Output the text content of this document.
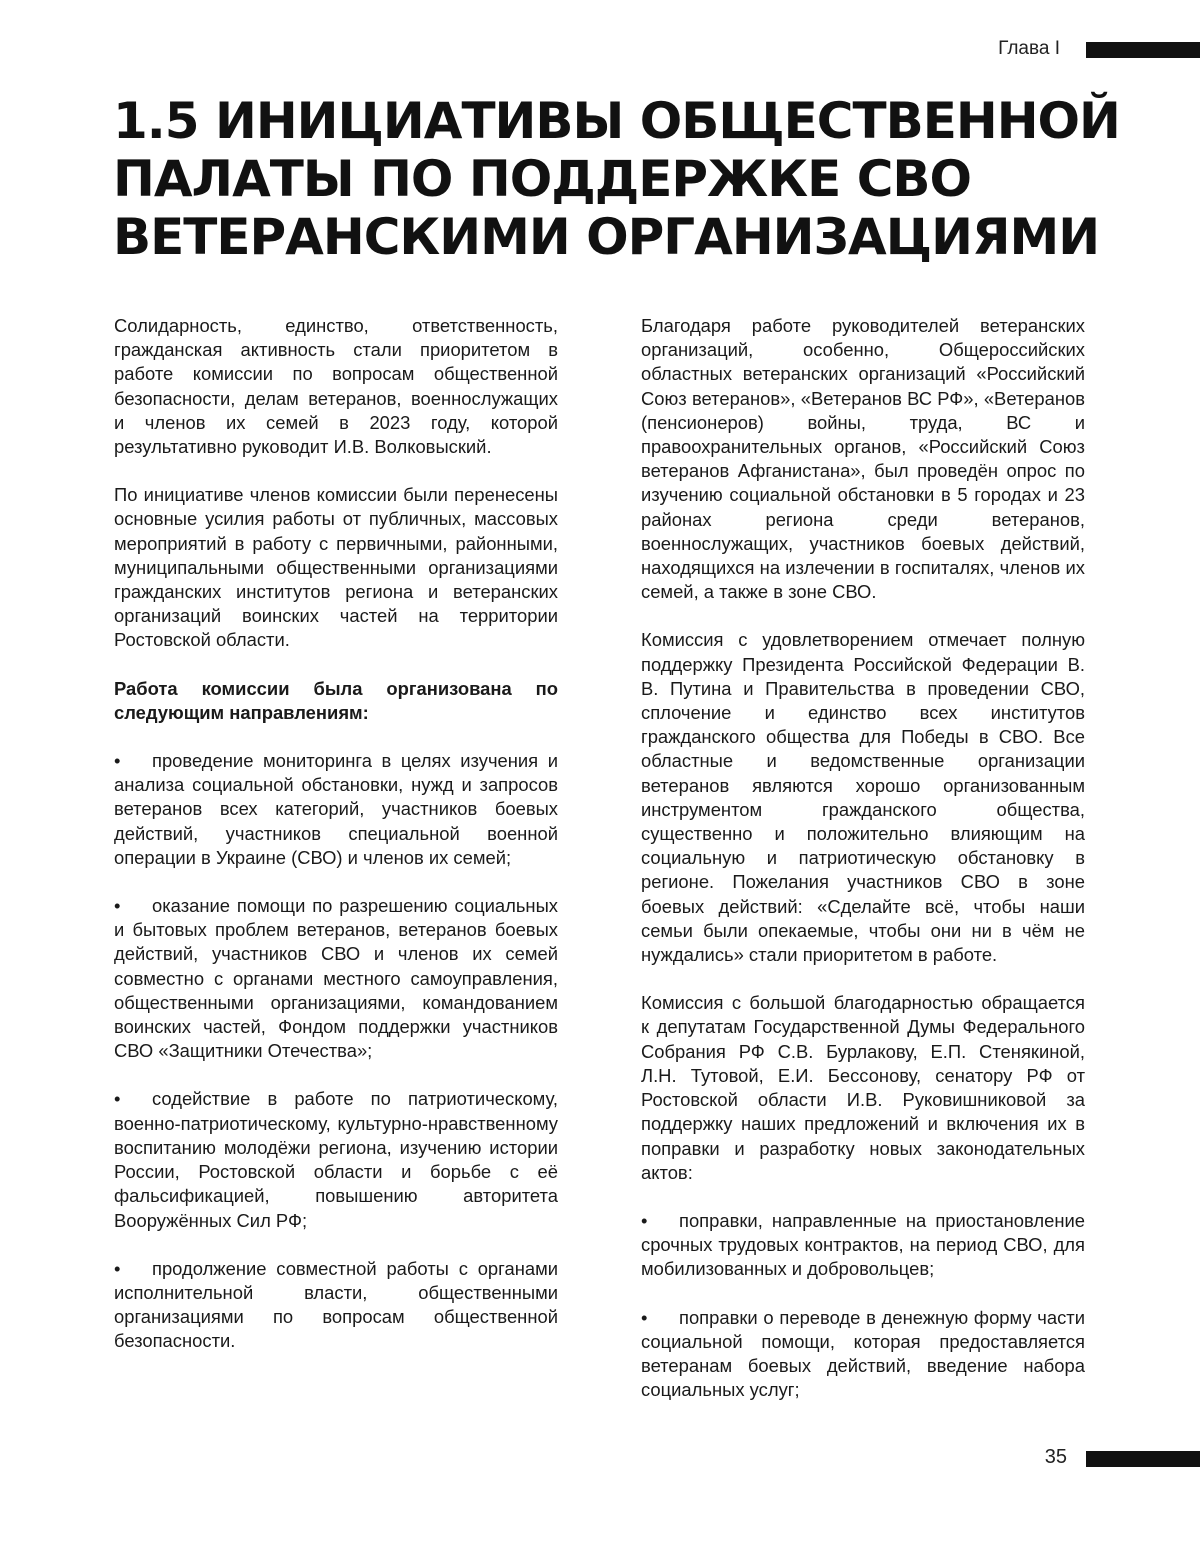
Глава I
1.5 ИНИЦИАТИВЫ ОБЩЕСТВЕННОЙ
ПАЛАТЫ ПО ПОДДЕРЖКЕ СВО
ВЕТЕРАНСКИМИ ОРГАНИЗАЦИЯМИ

Солидарность, единство, ответственность, гражданская активность стали приоритетом в работе комиссии по вопросам общественной безопасности, делам ветеранов, военнослужащих и членов их семей в 2023 году, которой результативно руководит И.В. Волковыский.

По инициативе членов комиссии были перенесены основные усилия работы от публичных, массовых мероприятий в работу с первичными, районными, муниципальными общественными организациями гражданских институтов региона и ветеранских организаций воинских частей на территории Ростовской области.

Работа комиссии была организована по следующим направлениям:

• проведение мониторинга в целях изучения и анализа социальной обстановки, нужд и запросов ветеранов всех категорий, участников боевых действий, участников специальной военной операции в Украине (СВО) и членов их семей;

• оказание помощи по разрешению социальных и бытовых проблем ветеранов, ветеранов боевых действий, участников СВО и членов их семей совместно с органами местного самоуправления, общественными организациями, командованием воинских частей, Фондом поддержки участников СВО «Защитники Отечества»;

• содействие в работе по патриотическому, военно-патриотическому, культурно-нравственному воспитанию молодёжи региона, изучению истории России, Ростовской области и борьбе с её фальсификацией, повышению авторитета Вооружённых Сил РФ;

• продолжение совместной работы с органами исполнительной власти, общественными организациями по вопросам общественной безопасности.

Благодаря работе руководителей ветеранских организаций, особенно, Общероссийских областных ветеранских организаций «Российский Союз ветеранов», «Ветеранов ВС РФ», «Ветеранов (пенсионеров) войны, труда, ВС и правоохранительных органов, «Российский Союз ветеранов Афганистана», был проведён опрос по изучению социальной обстановки в 5 городах и 23 районах региона среди ветеранов, военнослужащих, участников боевых действий, находящихся на излечении в госпиталях, членов их семей, а также в зоне СВО.

Комиссия с удовлетворением отмечает полную поддержку Президента Российской Федерации В. В. Путина и Правительства в проведении СВО, сплочение и единство всех институтов гражданского общества для Победы в СВО. Все областные и ведомственные организации ветеранов являются хорошо организованным инструментом гражданского общества, существенно и положительно влияющим на социальную и патриотическую обстановку в регионе. Пожелания участников СВО в зоне боевых действий: «Сделайте всё, чтобы наши семьи были опекаемые, чтобы они ни в чём не нуждались» стали приоритетом в работе.

Комиссия с большой благодарностью обращается к депутатам Государственной Думы Федерального Собрания РФ С.В. Бурлакову, Е.П. Стенякиной, Л.Н. Тутовой, Е.И. Бессонову, сенатору РФ от Ростовской области И.В. Руковишниковой за поддержку наших предложений и включения их в поправки и разработку новых законодательных актов:

• поправки, направленные на приостановление срочных трудовых контрактов, на период СВО, для мобилизованных и добровольцев;

• поправки о переводе в денежную форму части социальной помощи, которая предоставляется ветеранам боевых действий, введение набора социальных услуг;

35
